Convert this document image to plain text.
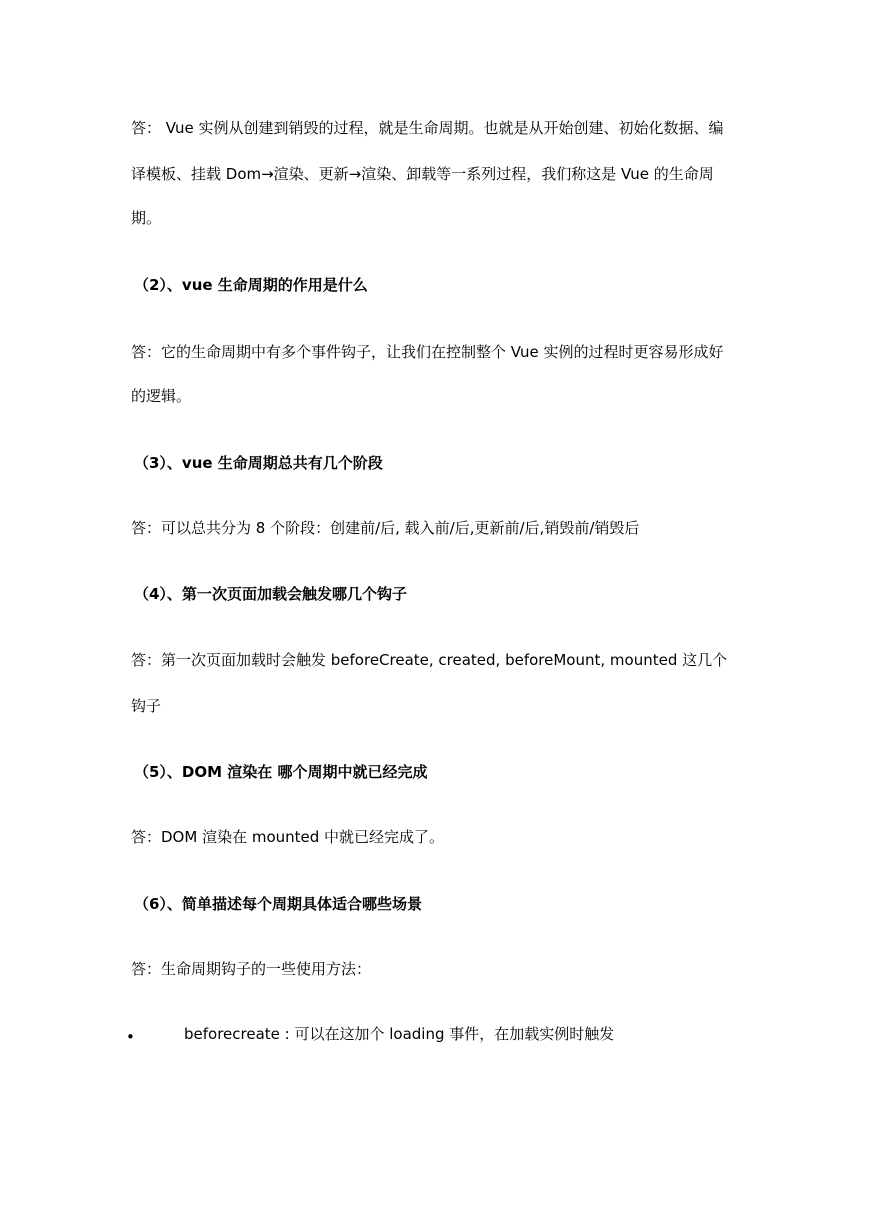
答： Vue 实例从创建到销毁的过程，就是生命周期。也就是从开始创建、初始化数据、编
译模板、挂载 Dom→渲染、更新→渲染、卸载等一系列过程，我们称这是 Vue 的生命周
期。
（2）、vue 生命周期的作用是什么
答：它的生命周期中有多个事件钩子，让我们在控制整个 Vue 实例的过程时更容易形成好
的逻辑。
（3）、vue 生命周期总共有几个阶段
答：可以总共分为 8 个阶段：创建前/后, 载入前/后,更新前/后,销毁前/销毁后
（4）、第一次页面加载会触发哪几个钩子
答：第一次页面加载时会触发 beforeCreate, created, beforeMount, mounted 这几个
钩子
（5）、DOM 渲染在 哪个周期中就已经完成
答：DOM 渲染在 mounted 中就已经完成了。
（6）、简单描述每个周期具体适合哪些场景
答：生命周期钩子的一些使用方法：
•	beforecreate : 可以在这加个 loading 事件，在加载实例时触发
